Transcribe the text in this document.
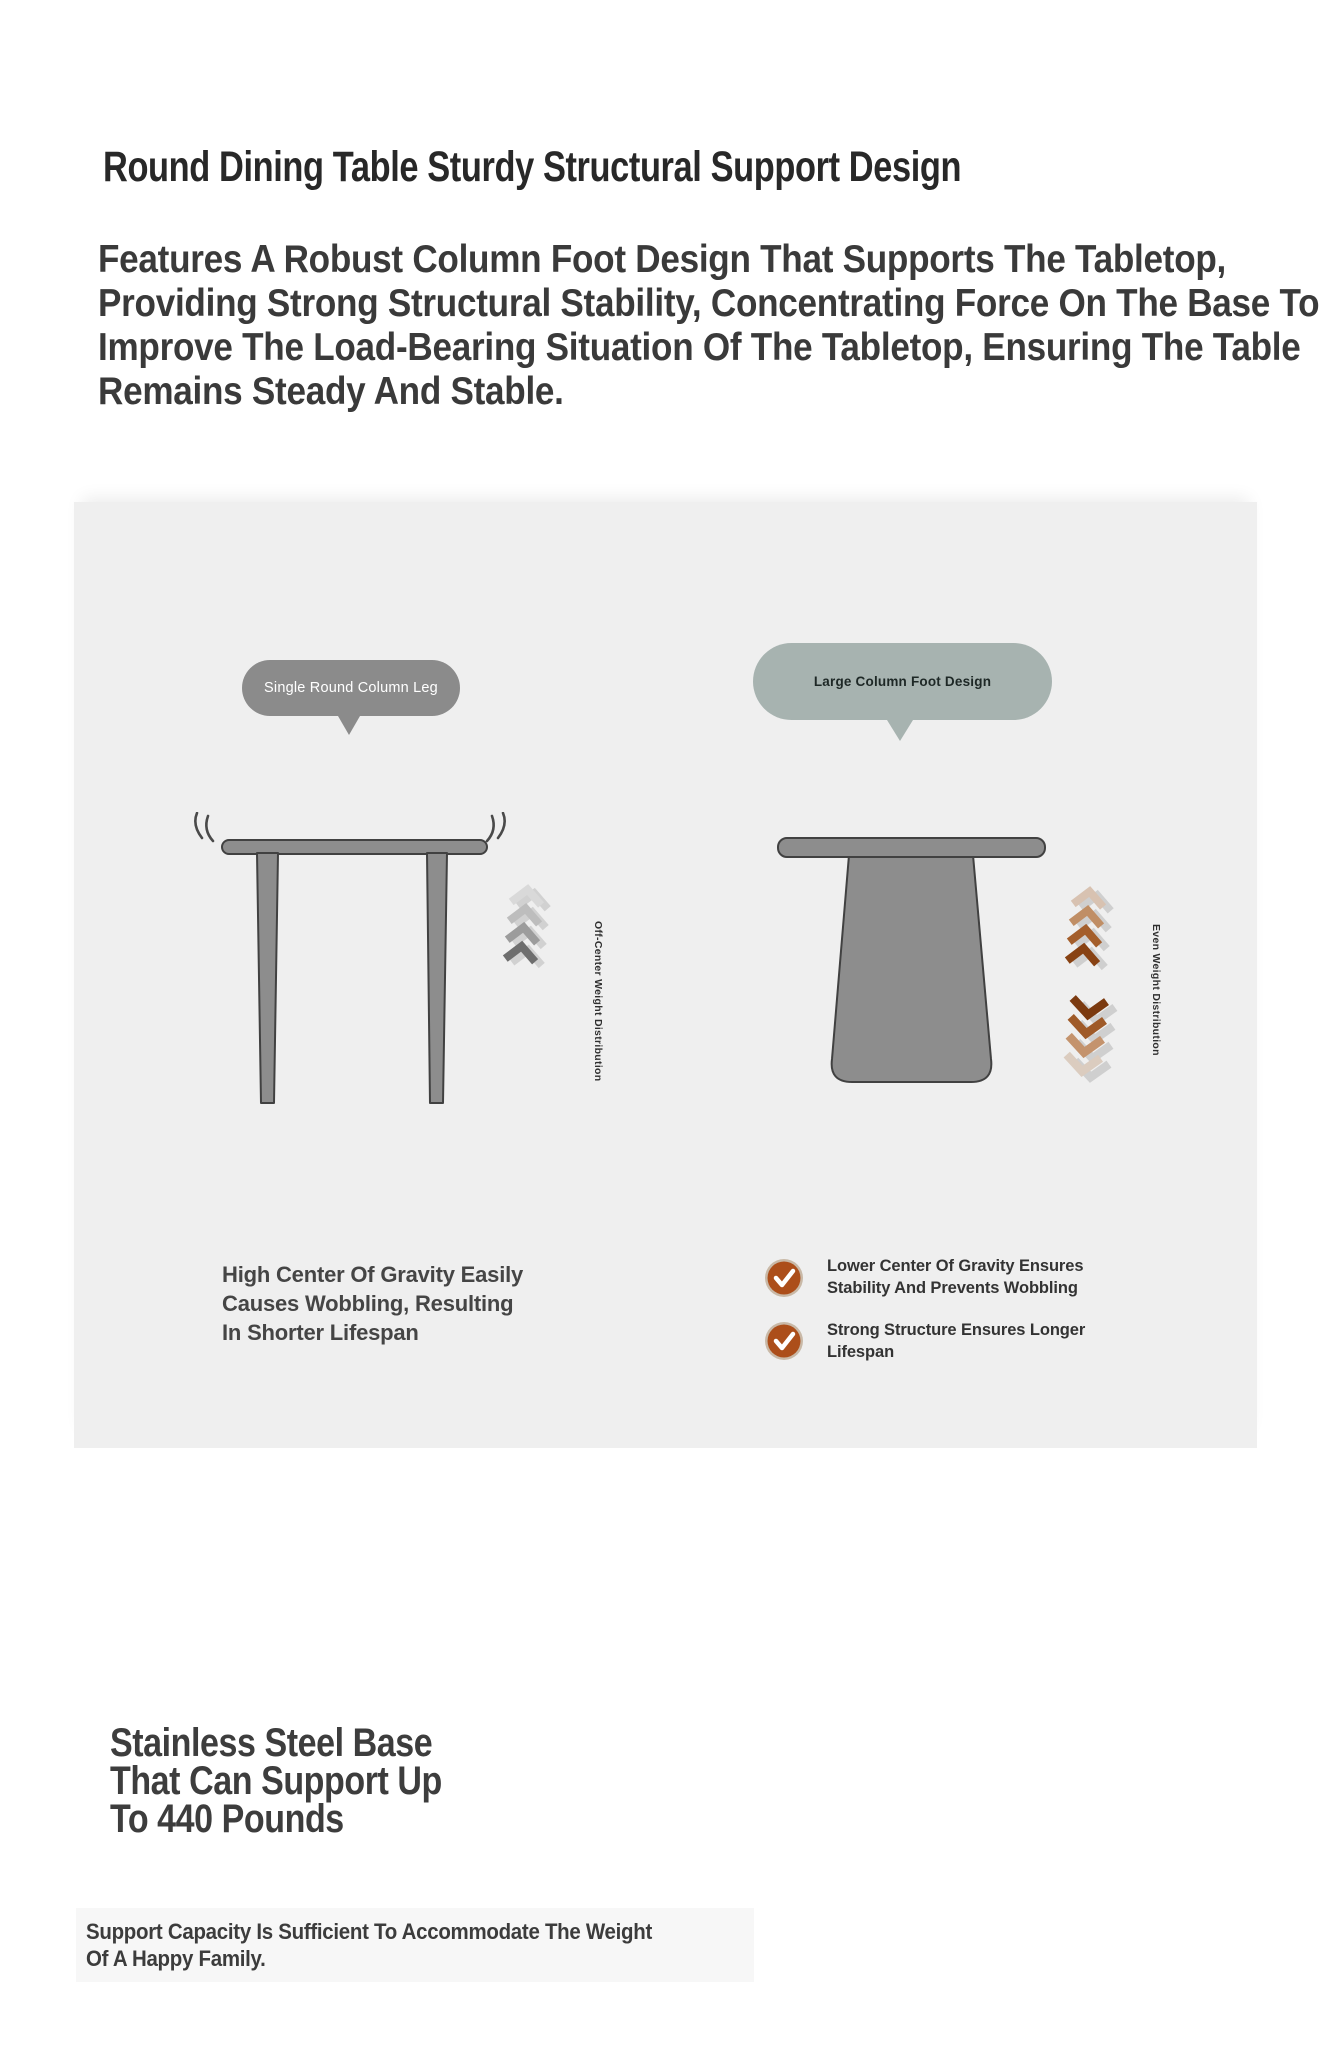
Round Dining Table Sturdy Structural Support Design
Features A Robust Column Foot Design That Supports The Tabletop,
Providing Strong Structural Stability, Concentrating Force On The Base To
Improve The Load-Bearing Situation Of The Tabletop, Ensuring The Table
Remains Steady And Stable.
Single Round Column Leg	Large Column Foot Design
Off-Center Weight Distribution	Even Weight Distribution
High Center Of Gravity Easily
Causes Wobbling, Resulting
In Shorter Lifespan
Lower Center Of Gravity Ensures
Stability And Prevents Wobbling
Strong Structure Ensures Longer
Lifespan
Stainless Steel Base
That Can Support Up
To 440 Pounds
Support Capacity Is Sufficient To Accommodate The Weight
Of A Happy Family.
